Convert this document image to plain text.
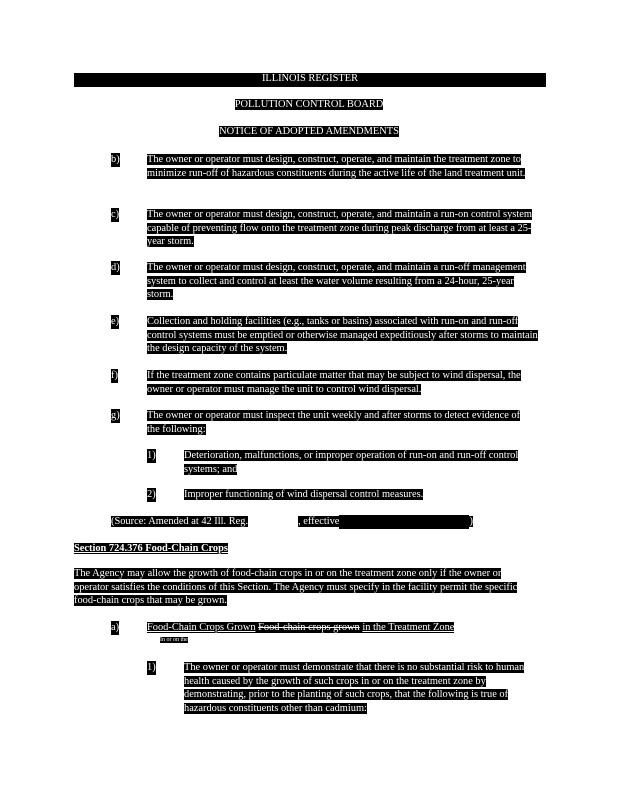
ILLINOIS REGISTER
POLLUTION CONTROL BOARD
NOTICE OF ADOPTED AMENDMENTS
b)	The owner or operator must design, construct, operate, and maintain the treatment zone to minimize run-off of hazardous constituents during the active life of the land treatment unit.

c)	The owner or operator must design, construct, operate, and maintain a run-on control system capable of preventing flow onto the treatment zone during peak discharge from at least a 25-year storm.

d)	The owner or operator must design, construct, operate, and maintain a run-off management system to collect and control at least the water volume resulting from a 24-hour, 25-year storm.

e)	Collection and holding facilities (e.g., tanks or basins) associated with run-on and run-off control systems must be emptied or otherwise managed expeditiously after storms to maintain the design capacity of the system.

f)	If the treatment zone contains particulate matter that may be subject to wind dispersal, the owner or operator must manage the unit to control wind dispersal.

g)	The owner or operator must inspect the unit weekly and after storms to detect evidence of the following:

1)	Deterioration, malfunctions, or improper operation of run-on and run-off control systems; and

2)	Improper functioning of wind dispersal control measures.

(Source: Amended at 42 Ill. Reg.	, effective	)
Section 724.376 Food-Chain Crops

The Agency may allow the growth of food-chain crops in or on the treatment zone only if the owner or operator satisfies the conditions of this Section. The Agency must specify in the facility permit the specific food-chain crops that may be grown.

a)	Food-Chain Crops Grown Food-chain crops grown in the Treatment Zone
In or on the
1)	The owner or operator must demonstrate that there is no substantial risk to human health caused by the growth of such crops in or on the treatment zone by demonstrating, prior to the planting of such crops, that the following is true of hazardous constituents other than cadmium:
